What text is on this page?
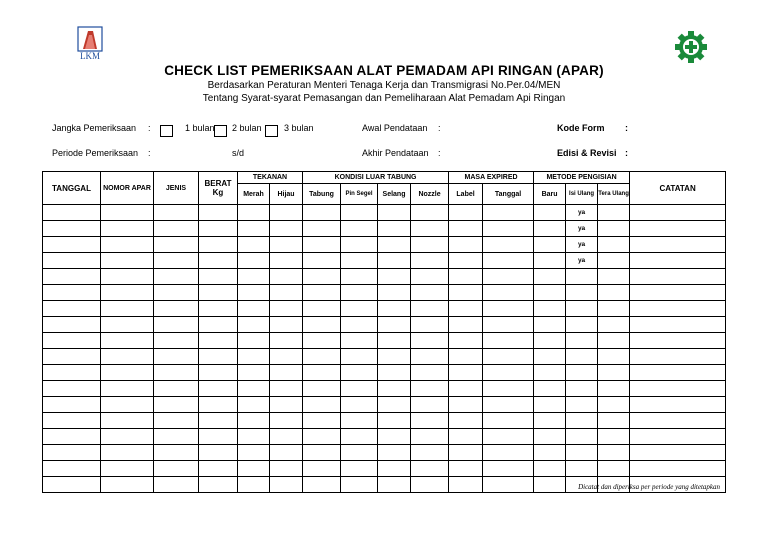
LKM
CHECK LIST PEMERIKSAAN ALAT PEMADAM API RINGAN (APAR)
Berdasarkan Peraturan Menteri Tenaga Kerja dan Transmigrasi No.Per.04/MEN
Tentang Syarat-syarat Pemasangan dan Pemeliharaan Alat Pemadam Api Ringan
Jangka Pemeriksaan :	1 bulan 2 bulan 3 bulan	Awal Pendataan :	Kode Form :
Periode Pemeriksaan :	s/d	Akhir Pendataan :	Edisi & Revisi :
TANGGAL	NOMOR APAR	JENIS	BERAT Kg	TEKANAN		KONDISI LUAR TABUNG				MASA EXPIRED		METODE PENGISIAN			CATATAN
				Merah	Hijau	Tabung	Pin Segel	Selang	Nozzle	Label	Tanggal	Baru	Isi Ulang	Tera Ulang	
													ya		
													ya		
													ya		
													ya		

Dicatat dan diperiksa per periode yang ditetapkan
